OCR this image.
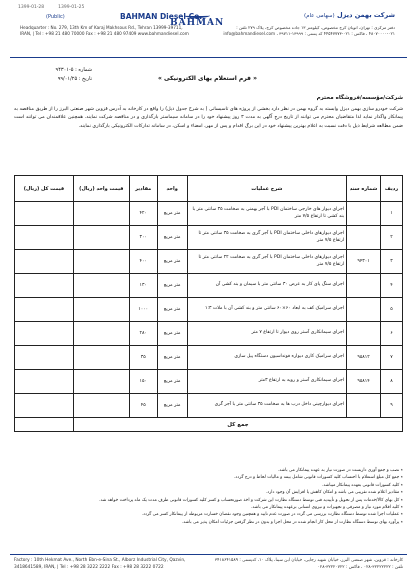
1399-01-28	1399-01-25
شرکت بهمن دیزل (سهامی عام)
BAHMAN
BAHMAN Diesel Co.
(Public)
دفتر مرکزی : تهران، اتوبان کرج مخصوص، کیلومتر ۱۳ جاده مخصوص کرج، پلاک ۲۷۹ تلفن : ۰۲۱-۴۸۰۷۰۰۰۰ ، فاکس : ۰۲۱-۴۴۵۴۷۷۷۳ کد پستی : ۱۳۹۹۹-۳۹۷۱۱ ، info@bahmandiesel.com
Headquarter : No. 279, 13th Km of Karaj Makhsous Rd., Tehran 13999-39711, IRAN, | Tel : +98 21 480 70000 Fax : +98 21 480 97409 www.bahmandiesel.com
شماره : ۵-۹۴۳۰۱
تاریخ : ۹۹/۰۱/۲۵	« فرم استعلام بهای الکترونیکی »
شرکت/مؤسسه/فروشگاه محترم
شرکت خودرو سازی بهمن دیزل وابسته به گروه بهمن در نظر دارد بخشی از پروژه های تاسیساتی ( به شرح جدول ذیل) را واقع در کارخانه به آدرس قزوین شهر صنعتی البرز را از طریق مناقصه به پیمانکار واگذار نماید لذا متقاضیان محترم می توانند از تاریخ درج آگهی به مدت ۳ روز پیشنهاد خود را در سامانه سیماستر بارگذاری و در مناقصه شرکت نمایند. همچنین علاقمندان می توانند است ضمن مطالعه شرایط ذیل با دقت نسبت به اعلام بهترین پیشنهاد خود در این برگ اقدام و پس از مهر، امضاء و اسکن، در سامانه تدارکات الکترونیکی بارگذاری نمایند.
ردیف	شماره سند	شرح عملیات	واحد	مقادیر	قیمت واحد (ریال)	قیمت کل (ریال)
۱		اجرای دیوار های خارجی ساختمان PDI با آجر بهمنی به ضخامت ۳۵ سانتی متر با بند کشی تا ارتفاع ۷/۵ متر	متر مربع	۴۲۰		
۲		اجرای دیوارهای داخلی ساختمان PDI با آجر گری به ضخامت ۳۵ سانتی متر تا ارتفاع ۷/۵ متر	متر مربع	۳۰۰		
۳	۹۴۳۰۱	اجرای دیوارهای داخلی ساختمان PDI با آجر گری به ضخامت ۲۲ سانتی متر تا ارتفاع ۷/۵ متر	متر مربع	۴۰۰		
۴		اجرای سنگ پای کار به عرض ۳۰ سانتی متر با سیمان و بند کشی آن	متر مربع	۱۳۰		
۵		اجرای سرامیک کف به ابعاد ۶۰×۶۰ سانتی متر و بند کشی آن با ملات ۱:۳	متر مربع	۱۰۰۰		
۶		اجرای سیمانکاری آستر روی دیوار تا ارتفاع ۷ متر	متر مربع	۲۸۰		
۷	۹۵۸۱۲	اجرای سرامیک کاری دیواره فونداسیون دستگاه پیل سازی	متر مربع	۳۵		
۸	۹۵۸۱۴	اجرای سیمانکاری آستر و رویه به ارتفاع ۳متر	متر مربع	۱۵۰		
۹		اجرای دیوارچینی داخل درب ها به ضخامت ۳۵ سانتی متر با آجر گری	متر مربع	۴۵		
جمع کل						
٭ نصب و جمع آوری داربست در صورت نیاز به عهده پیمانکار می باشد.
٭ جمع کل مبلغ استعلام با احتساب کلیه کسورات قانونی شامل بیمه و مالیات لحاظ و درج گردد.
٭ کلیه کسورات قانونی بعهده پیمانکار میباشد.
٭ مقادیر اعلام شده تقریبی می باشد و امکان کاهش یا افزایش آن وجود دارد.
٭ کل بهای کالا/خدمات پس از تحویل و تأییدیه فنی توسط دستگاه نظارت این شرکت و اخذ صورتحساب و کسر کلیه کسورات قانونی طرف مدت یک ماه پرداخت خواهد شد.
٭ کلیه اقلام مورد نیاز و مصرفی و تجهیزات و نیروی انسانی برعهده پیمانکار می باشد.
٭ عملیات اجرا شده توسط دستگاه نظارت بررسی می گردد در صورت عدم تایید و همچنین وجود نقصان خسارت مربوطه از پیمانکار کسر می گردد.
٭ پرآورد بهای توسط دستگاه نظارت از محل کار انجام شده در محل اجرا و بدون در نظر گرفتن جزئیات امکان پذیر می باشد.
کارخانه : قزوین، شهر صنعتی البرز، خیابان شهید رجایی، خیابان ابن سینا، پلاک ۱۰، کدپستی : ۳۴۱۸۶۴۱۵۸۹ تلفن : ۳۲۲۲۲۲۲۲-۰۲۸ ، فاکس : ۳۲۲۲۰۷۲۲-۰۲۸
Factory : 10th Hekmat Ave., North Ebn-e-Sina St., Alborz Industrial City, Qazvin, 3418641589, IRAN, | Tel : +98 28 3222 2222 Fax : +98 28 3222 0722
